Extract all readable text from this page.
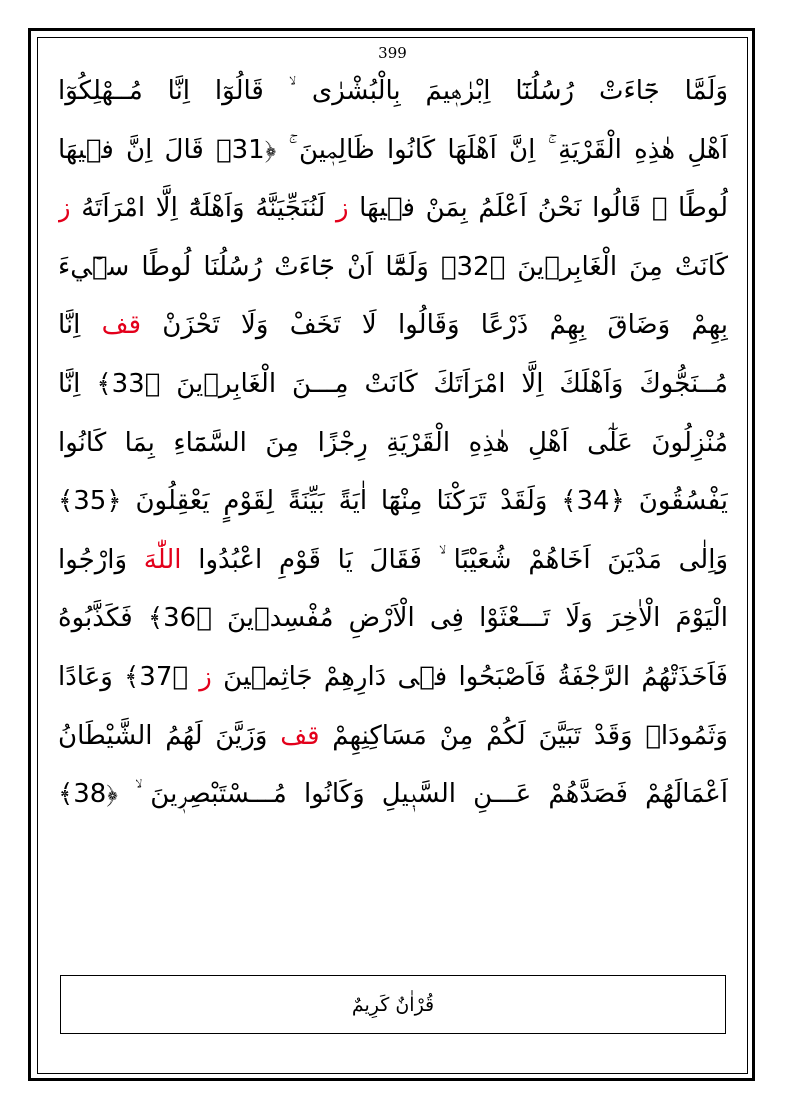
399
وَلَمَّا جَٓاءَتْ رُسُلُنَٓا اِبْرٰهٖيمَ بِالْبُشْرٰى قَالُوٓا اِنَّا مُــهْلِكُوٓا
اَهْلِ هٰذِهِ الْقَرْيَةِ اِنَّ اَهْلَهَا كَانُوا ظَالِمٖينَ ﴿31﴾ قَالَ اِنَّ فٖيهَا
لُوطًا قَالُوا نَحْنُ اَعْلَمُ بِمَنْ فٖيهَا ز لَنُنَجِّيَنَّهُ وَاَهْلَهُٓ اِلَّا امْرَاَتَهُ ز
كَانَتْ مِنَ الْغَابِرٖينَ ﴿32﴾ وَلَمَّٓا اَنْ جَٓاءَتْ رُسُلُنَا لُوطًا سٖٓيءَ
بِهِمْ وَضَاقَ بِهِمْ ذَرْعًا وَقَالُوا لَا تَخَفْ وَلَا تَحْزَنْ قف اِنَّا
مُــنَجُّوكَ وَاَهْلَكَ اِلَّا امْرَاَتَكَ كَانَتْ مِـــنَ الْغَابِرٖينَ ﴿33﴾ اِنَّا
مُنْزِلُونَ عَلٰٓى اَهْلِ هٰذِهِ الْقَرْيَةِ رِجْزًا مِنَ السَّمَٓاءِ بِمَا كَانُوا
يَفْسُقُونَ ﴿34﴾ وَلَقَدْ تَرَكْنَا مِنْهَٓا اٰيَةً بَيِّنَةً لِقَوْمٍ يَعْقِلُونَ ﴿35﴾
وَاِلٰى مَدْيَنَ اَخَاهُمْ شُعَيْبًا فَقَالَ يَا قَوْمِ اعْبُدُوا اللّٰهَ وَارْجُوا
الْيَوْمَ الْاٰخِرَ وَلَا تَـــعْثَوْا فِى الْاَرْضِ مُفْسِدٖينَ ﴿36﴾ فَكَذَّبُوهُ
فَاَخَذَتْهُمُ الرَّجْفَةُ فَاَصْبَحُوا فٖى دَارِهِمْ جَاثِمٖينَ ز ﴿37﴾ وَعَادًا
وَثَمُودَا۬ وَقَدْ تَبَيَّنَ لَكُمْ مِنْ مَسَاكِنِهِمْ قف وَزَيَّنَ لَهُمُ الشَّيْطَانُ
اَعْمَالَهُمْ فَصَدَّهُمْ عَـــنِ السَّبٖيلِ وَكَانُوا مُـــسْتَبْصِرٖينَ ﴿38﴾
قُرْاٰنٌ كَرِيمٌ
